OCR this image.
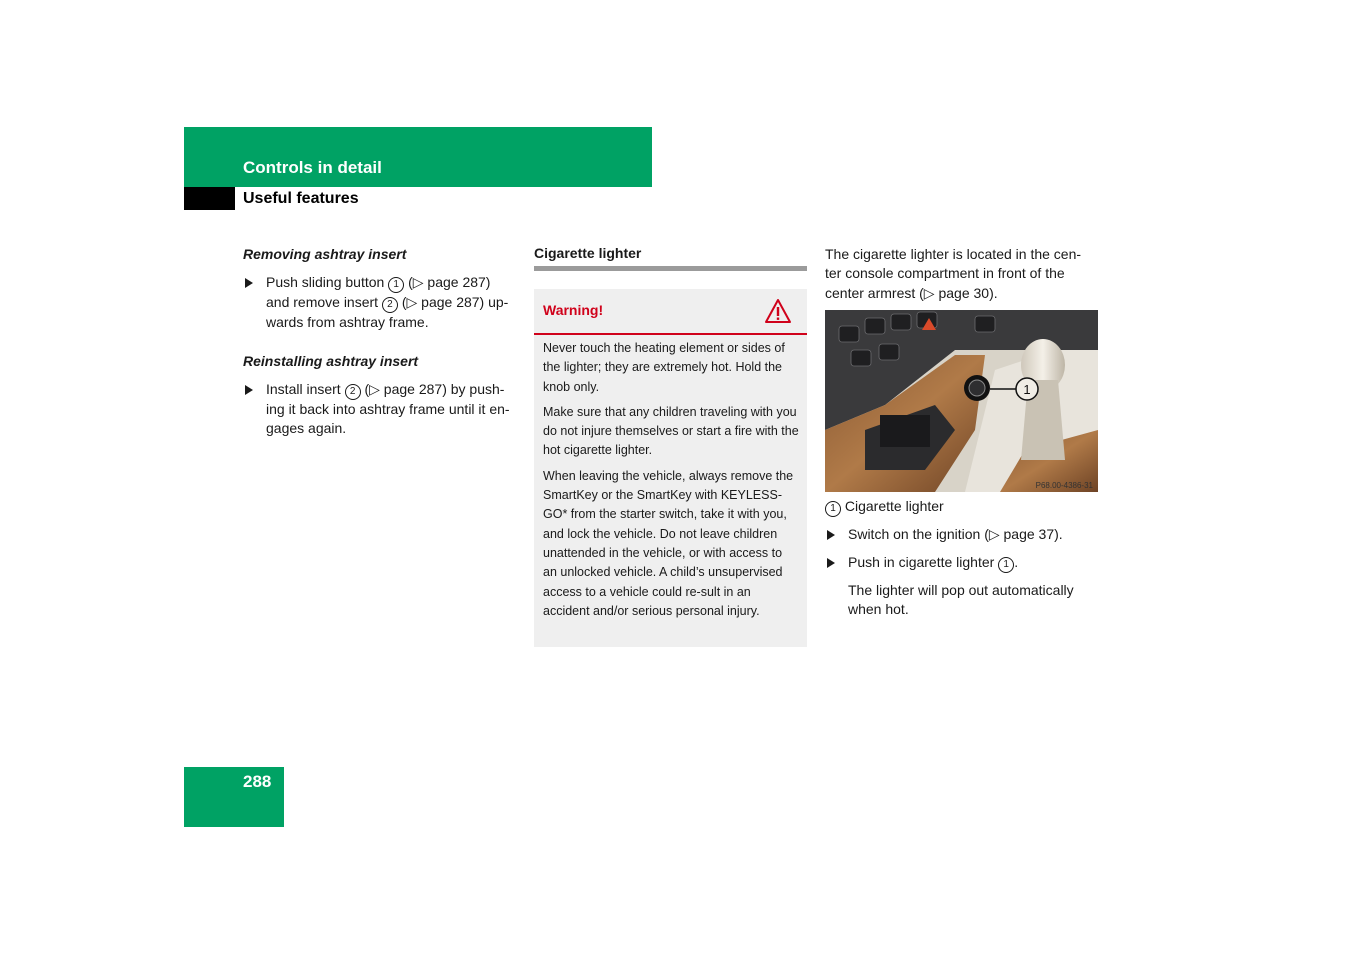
Controls in detail
Useful features
Removing ashtray insert
Push sliding button 1 (▷ page 287)
and remove insert 2 (▷ page 287) up-
wards from ashtray frame.
Reinstalling ashtray insert
Install insert 2 (▷ page 287) by push-
ing it back into ashtray frame until it en-
gages again.
Cigarette lighter
Warning!

Never touch the heating element or sides of the lighter; they are extremely hot. Hold the knob only.

Make sure that any children traveling with you do not injure themselves or start a fire with the hot cigarette lighter.

When leaving the vehicle, always remove the SmartKey or the SmartKey with KEYLESS-GO* from the starter switch, take it with you, and lock the vehicle. Do not leave children unattended in the vehicle, or with access to an unlocked vehicle. A child’s unsupervised access to a vehicle could re-sult in an accident and/or serious personal injury.

The cigarette lighter is located in the cen-
ter console compartment in front of the
center armrest (▷ page 30).
1
P68.00-4386-31
1 Cigarette lighter
Switch on the ignition (▷ page 37).
Push in cigarette lighter 1 .
The lighter will pop out automatically
when hot.
288
